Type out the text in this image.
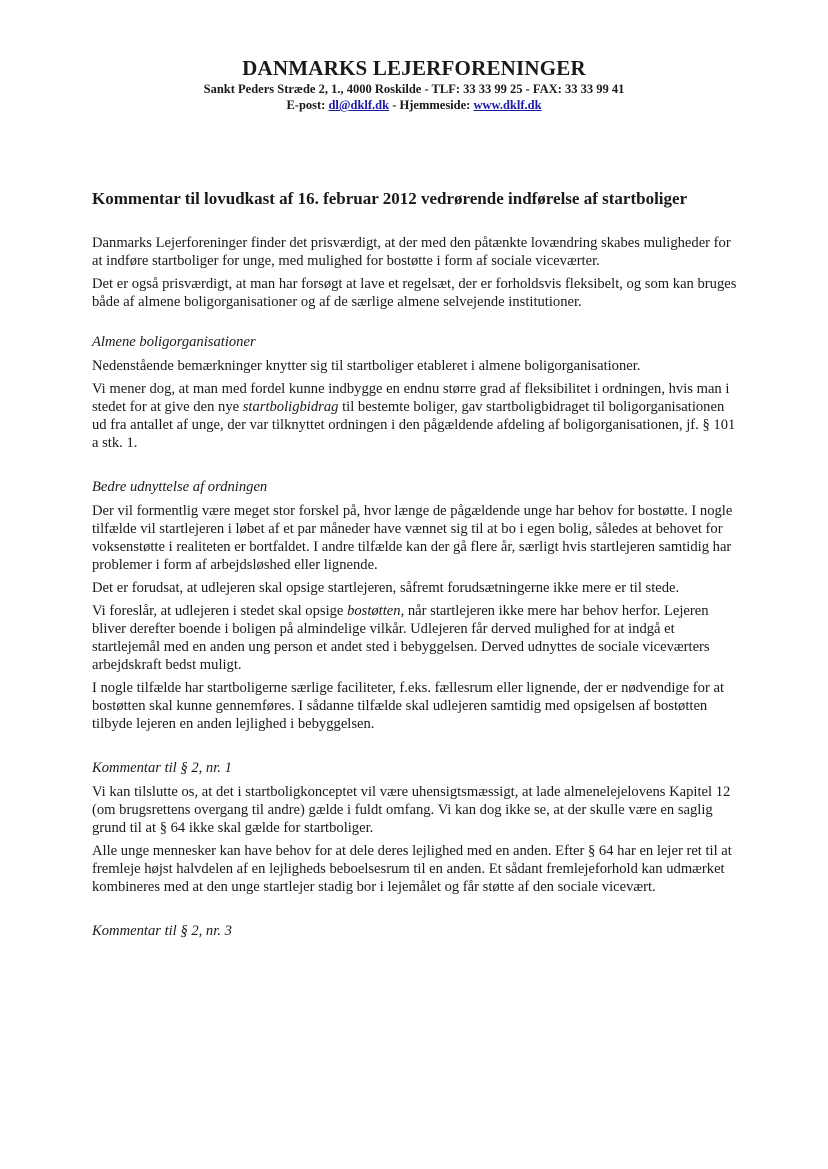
DANMARKS LEJERFORENINGER

Sankt Peders Stræde 2, 1., 4000 Roskilde - TLF: 33 33 99 25 - FAX: 33 33 99 41

E-post: dl@dklf.dk - Hjemmeside: www.dklf.dk

Kommentar til lovudkast af 16. februar 2012 vedrørende indførelse af startboliger

Danmarks Lejerforeninger finder det prisværdigt, at der med den påtænkte lovændring skabes muligheder for at indføre startboliger for unge, med mulighed for bostøtte i form af sociale viceværter.

Det er også prisværdigt, at man har forsøgt at lave et regelsæt, der er forholdsvis fleksibelt, og som kan bruges både af almene boligorganisationer og af de særlige almene selvejende institutioner.

Almene boligorganisationer

Nedenstående bemærkninger knytter sig til startboliger etableret i almene boligorganisationer.

Vi mener dog, at man med fordel kunne indbygge en endnu større grad af fleksibilitet i ordningen, hvis man i stedet for at give den nye startboligbidrag til bestemte boliger, gav startboligbidraget til boligorganisationen ud fra antallet af unge, der var tilknyttet ordningen i den pågældende afdeling af boligorganisationen, jf. § 101 a stk. 1.

Bedre udnyttelse af ordningen

Der vil formentlig være meget stor forskel på, hvor længe de pågældende unge har behov for bostøtte. I nogle tilfælde vil startlejeren i løbet af et par måneder have vænnet sig til at bo i egen bolig, således at behovet for voksenstøtte i realiteten er bortfaldet. I andre tilfælde kan der gå flere år, særligt hvis startlejeren samtidig har problemer i form af arbejdsløshed eller lignende.

Det er forudsat, at udlejeren skal opsige startlejeren, såfremt forudsætningerne ikke mere er til stede.

Vi foreslår, at udlejeren i stedet skal opsige bostøtten, når startlejeren ikke mere har behov herfor. Lejeren bliver derefter boende i boligen på almindelige vilkår. Udlejeren får derved mulighed for at indgå et startlejemål med en anden ung person et andet sted i bebyggelsen. Derved udnyttes de sociale viceværters arbejdskraft bedst muligt.

I nogle tilfælde har startboligerne særlige faciliteter, f.eks. fællesrum eller lignende, der er nødvendige for at bostøtten skal kunne gennemføres. I sådanne tilfælde skal udlejeren samtidig med opsigelsen af bostøtten tilbyde lejeren en anden lejlighed i bebyggelsen.

Kommentar til § 2, nr. 1

Vi kan tilslutte os, at det i startboligkonceptet vil være uhensigtsmæssigt, at lade almenelejelovens Kapitel 12 (om brugsrettens overgang til andre) gælde i fuldt omfang. Vi kan dog ikke se, at der skulle være en saglig grund til at § 64 ikke skal gælde for startboliger.

Alle unge mennesker kan have behov for at dele deres lejlighed med en anden. Efter § 64 har en lejer ret til at fremleje højst halvdelen af en lejligheds beboelsesrum til en anden. Et sådant fremlejeforhold kan udmærket kombineres med at den unge startlejer stadig bor i lejemålet og får støtte af den sociale vicevært.

Kommentar til § 2, nr. 3
